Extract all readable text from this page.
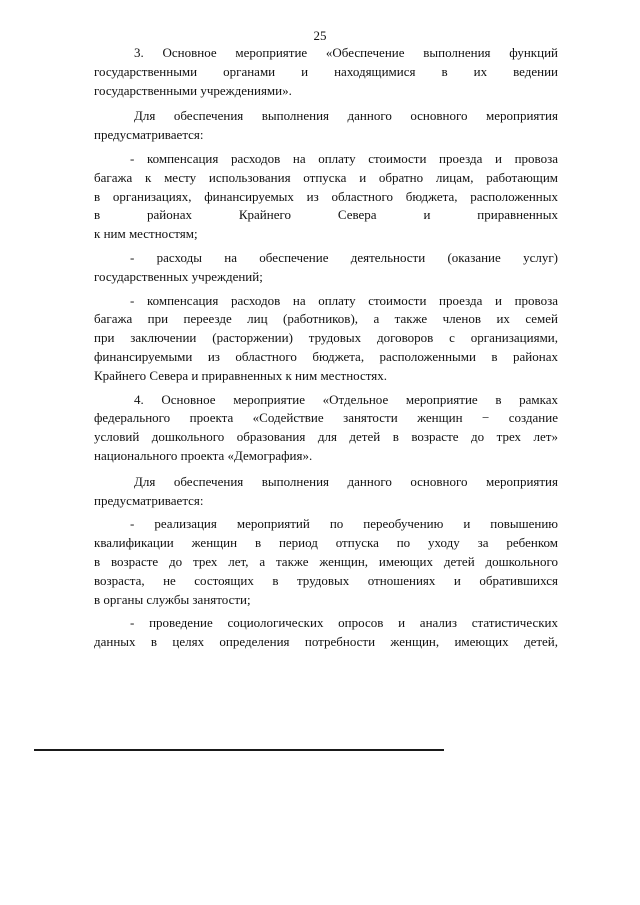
25

3. Основное мероприятие «Обеспечение выполнения функций

государственными органами и находящимися в их ведении

государственными учреждениями».

Для обеспечения выполнения данного основного мероприятия

предусматривается:

- компенсация расходов на оплату стоимости проезда и провоза

багажа к месту использования отпуска и обратно лицам, работающим

в организациях, финансируемых из областного бюджета, расположенных

в районах Крайнего Севера и приравненных

к ним местностям;

- расходы на обеспечение деятельности (оказание услуг)

государственных учреждений;

- компенсация расходов на оплату стоимости проезда и провоза

багажа при переезде лиц (работников), а также членов их семей

при заключении (расторжении) трудовых договоров с организациями,

финансируемыми из областного бюджета, расположенными в районах

Крайнего Севера и приравненных к ним местностях.

4. Основное мероприятие «Отдельное мероприятие в рамках

федерального проекта «Содействие занятости женщин − создание

условий дошкольного образования для детей в возрасте до трех лет»

национального проекта «Демография».

Для обеспечения выполнения данного основного мероприятия

предусматривается:

- реализация мероприятий по переобучению и повышению

квалификации женщин в период отпуска по уходу за ребенком

в возрасте до трех лет, а также женщин, имеющих детей дошкольного

возраста, не состоящих в трудовых отношениях и обратившихся

в органы службы занятости;

- проведение социологических опросов и анализ статистических

данных в целях определения потребности женщин, имеющих детей,
